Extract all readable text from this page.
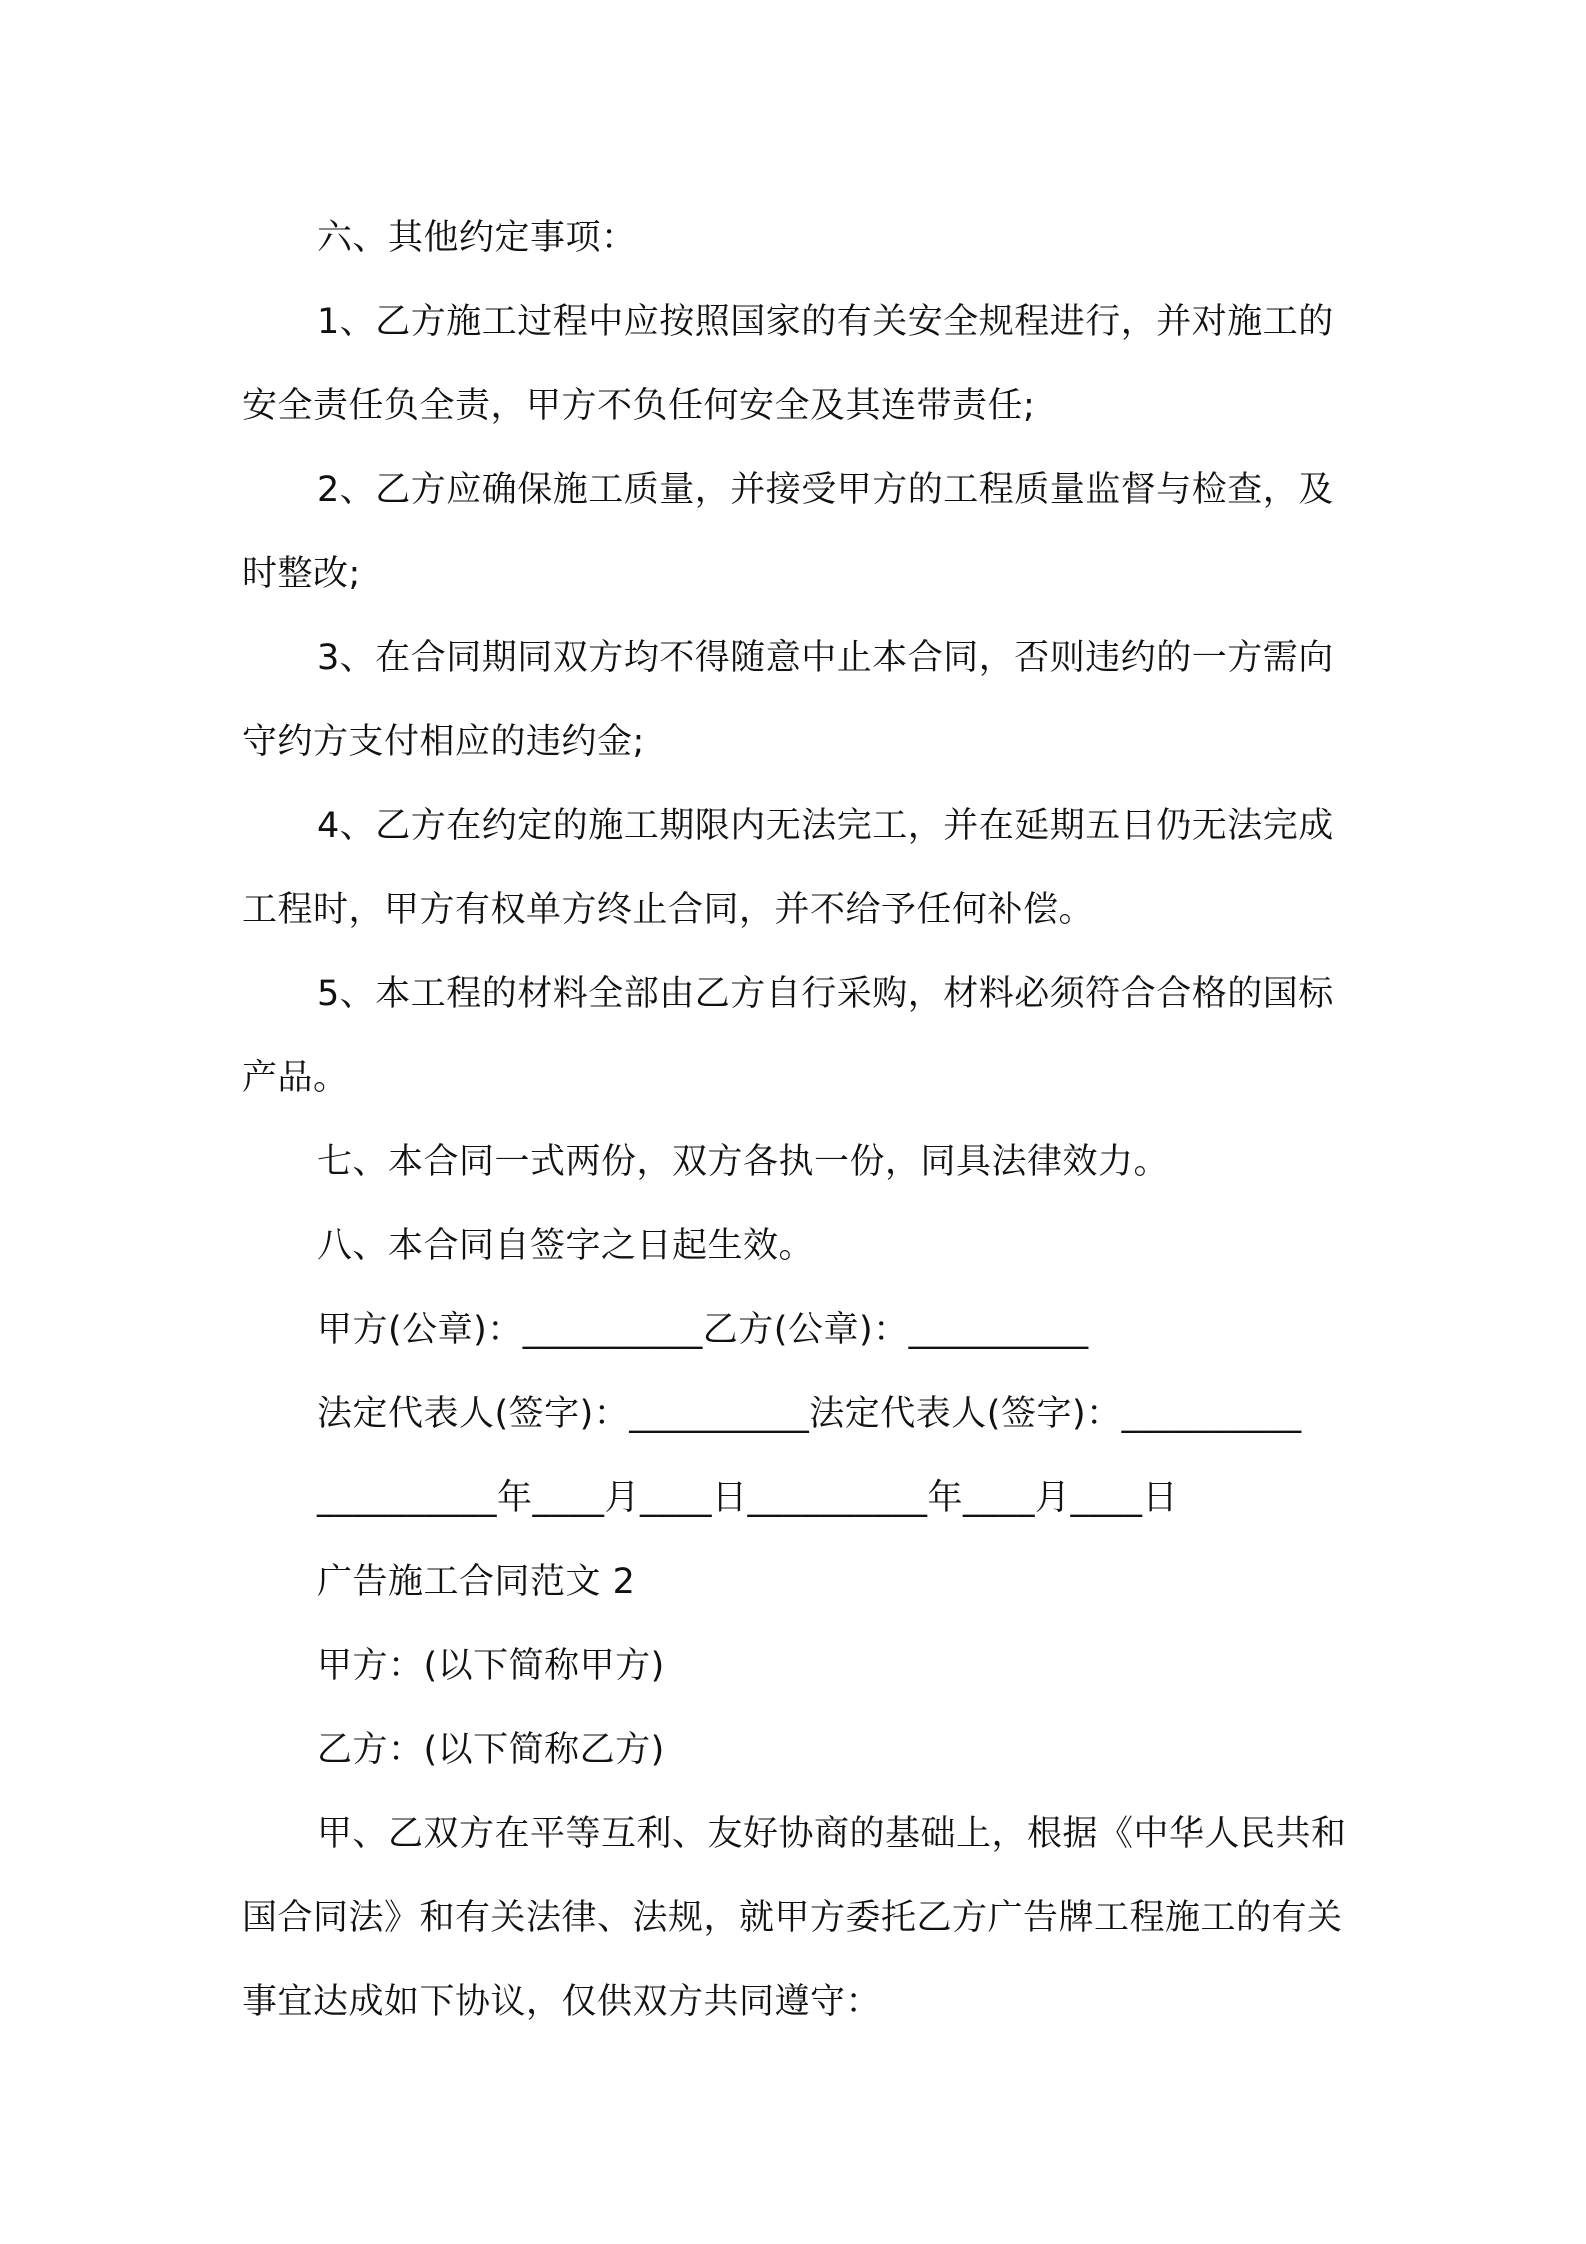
六、其他约定事项：

1、乙方施工过程中应按照国家的有关安全规程进行，并对施工的安全责任负全责，甲方不负任何安全及其连带责任;

2、乙方应确保施工质量，并接受甲方的工程质量监督与检查，及时整改;

3、在合同期同双方均不得随意中止本合同，否则违约的一方需向守约方支付相应的违约金;

4、乙方在约定的施工期限内无法完工，并在延期五日仍无法完成工程时，甲方有权单方终止合同，并不给予任何补偿。

5、本工程的材料全部由乙方自行采购，材料必须符合合格的国标产品。

七、本合同一式两份，双方各执一份，同具法律效力。

八、本合同自签字之日起生效。

甲方(公章)：__________乙方(公章)：__________

法定代表人(签字)：__________法定代表人(签字)：__________

__________年____月____日__________年____月____日

广告施工合同范文 2

甲方：(以下简称甲方)

乙方：(以下简称乙方)

甲、乙双方在平等互利、友好协商的基础上，根据《中华人民共和国合同法》和有关法律、法规，就甲方委托乙方广告牌工程施工的有关事宜达成如下协议，仅供双方共同遵守：
